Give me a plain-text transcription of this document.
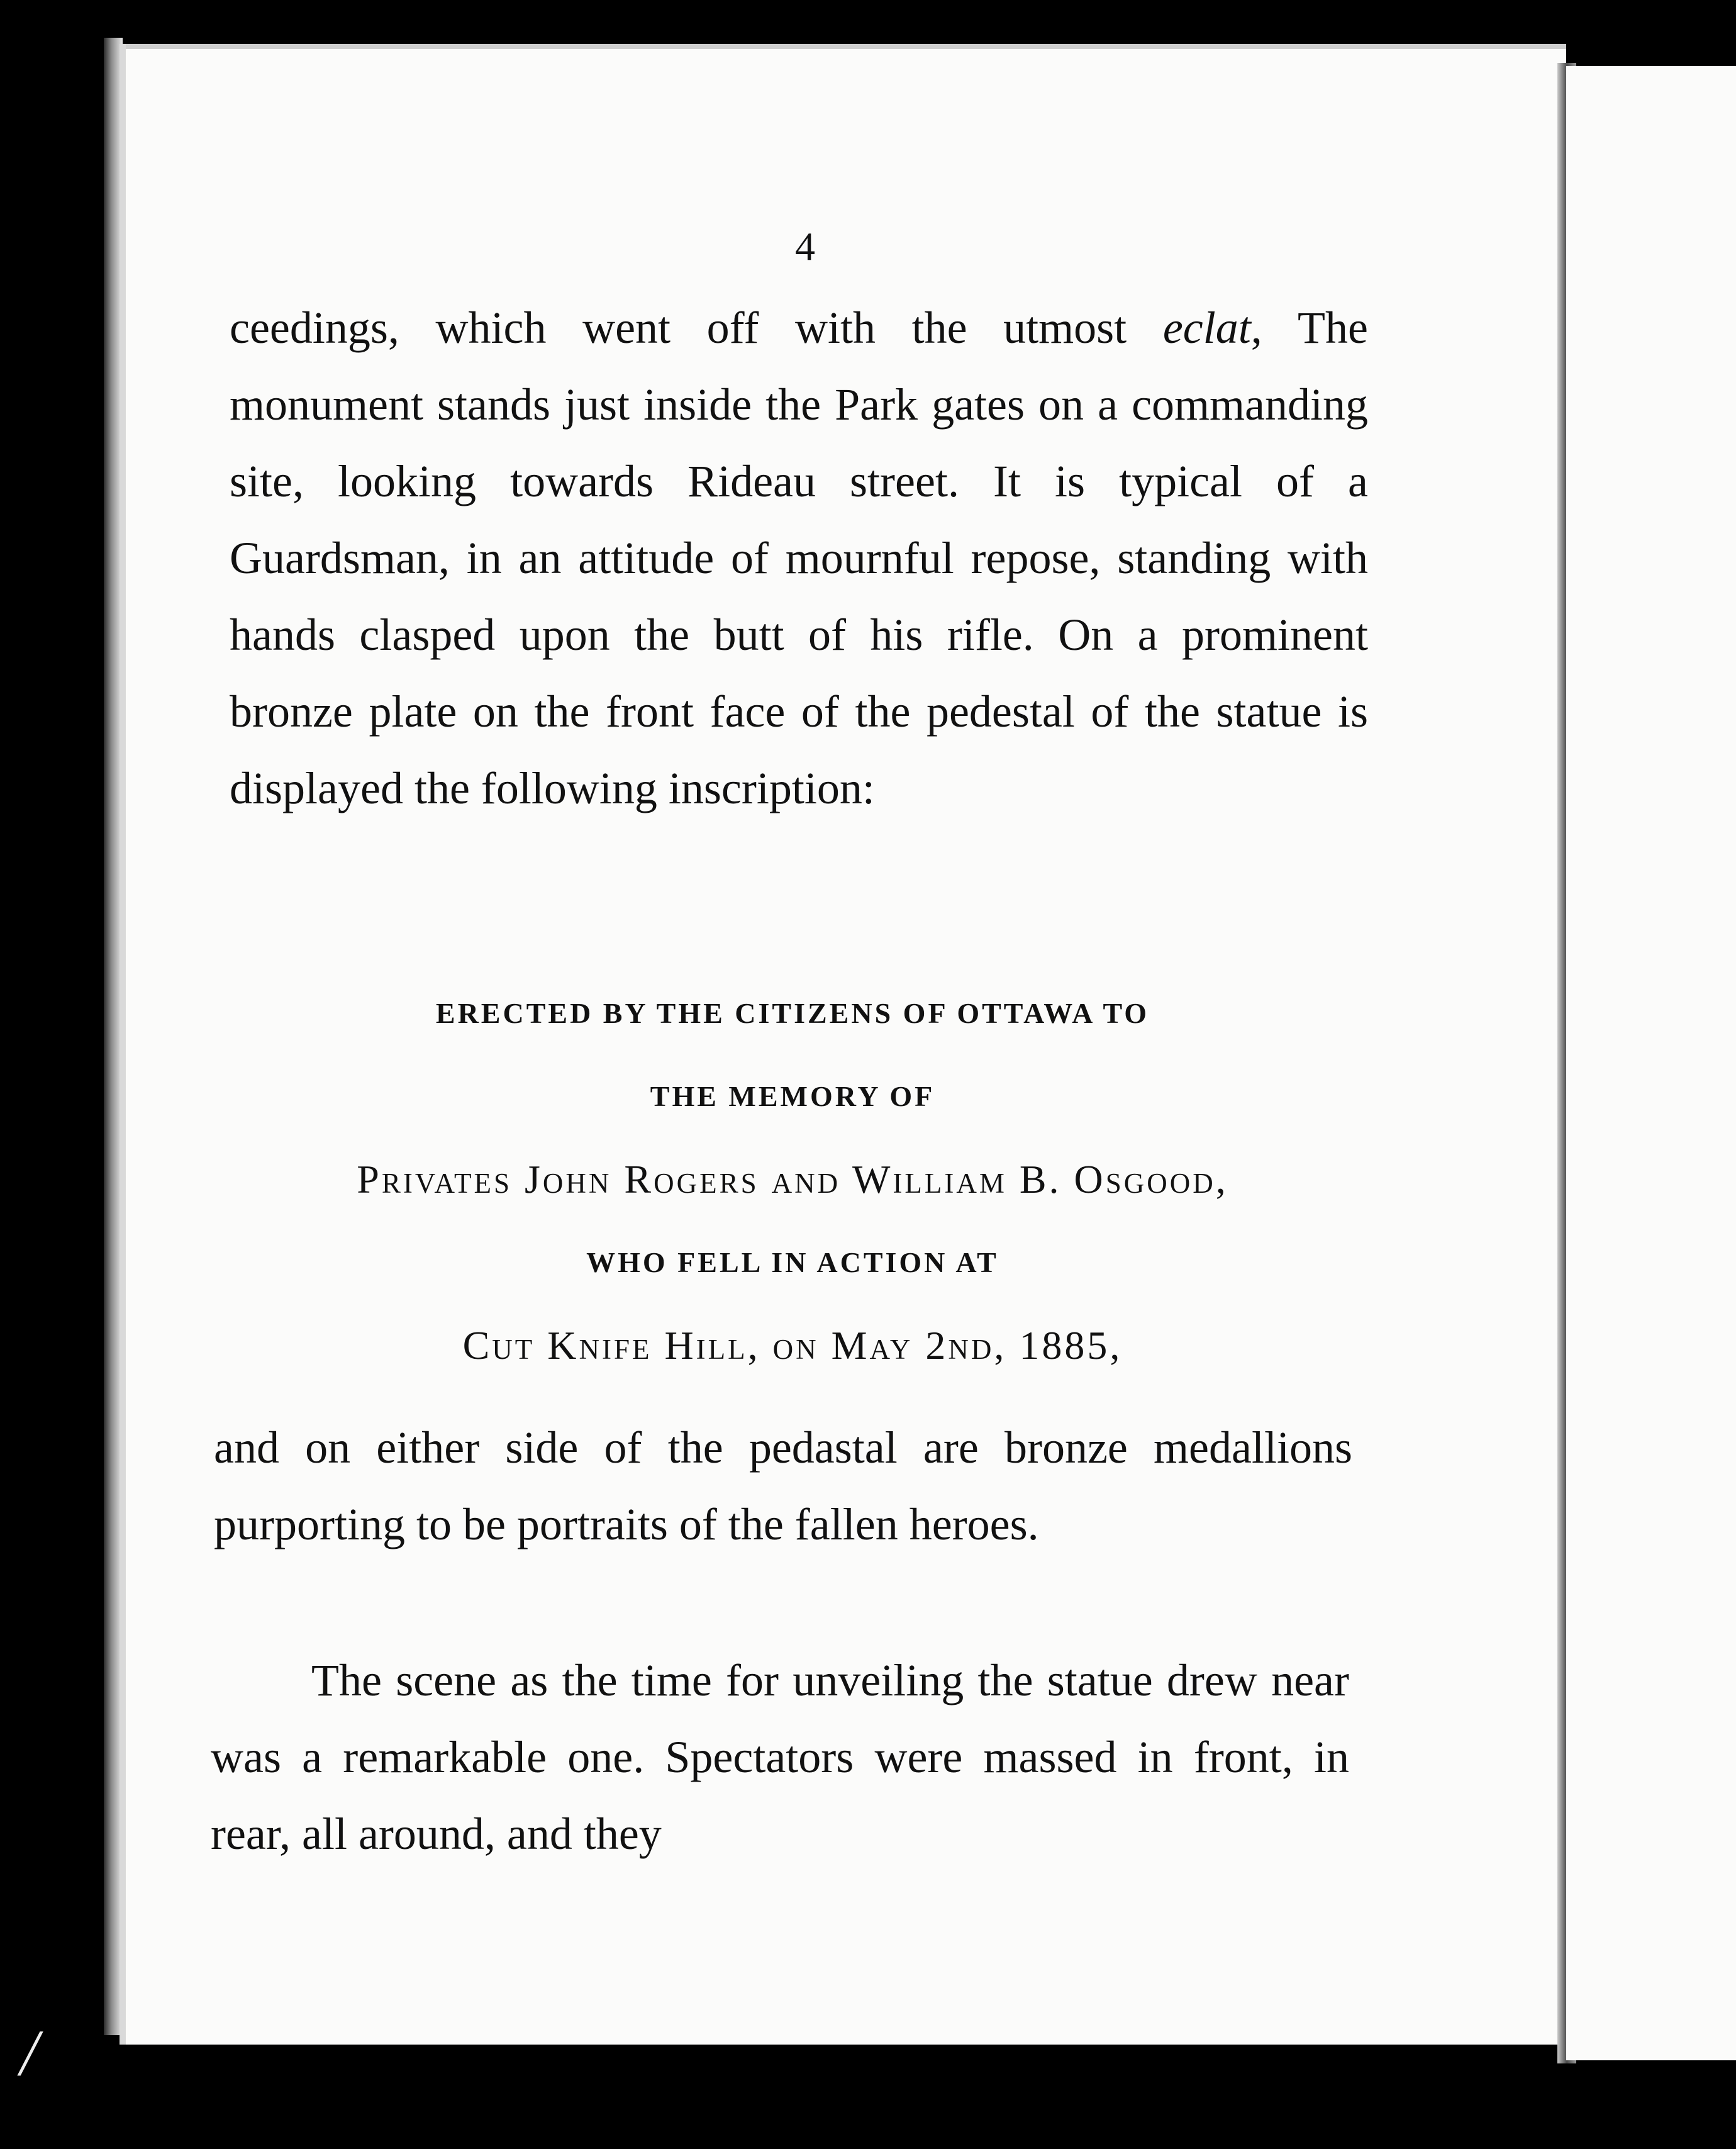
4

ceedings, which went off with the utmost eclat, The monument stands just inside the Park gates on a commanding site, looking towards Rideau street. It is typical of a Guardsman, in an attitude of mournful repose, standing with hands clasped upon the butt of his rifle. On a prominent bronze plate on the front face of the pedestal of the statue is displayed the following inscription:

ERECTED BY THE CITIZENS OF OTTAWA TO
THE MEMORY OF
Privates John Rogers and William B. Osgood,
WHO FELL IN ACTION AT
Cut Knife Hill, on May 2nd, 1885,

and on either side of the pedastal are bronze medallions purporting to be portraits of the fallen heroes.

The scene as the time for unveiling the statue drew near was a remarkable one. Spectators were massed in front, in rear, all around, and they

╱
